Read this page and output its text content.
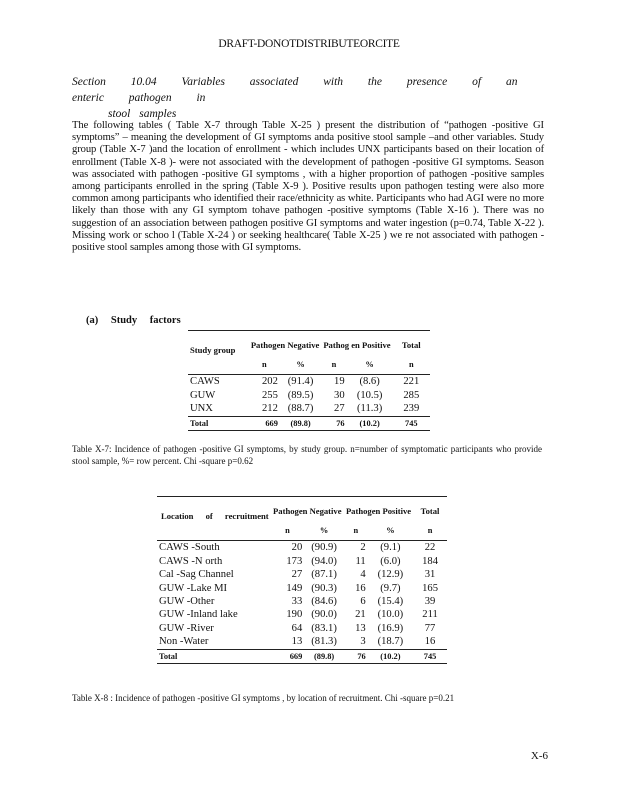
DRAFT-DONOTDISTRIBUTEORCITE
Section 10.04 Variables associated with the presence of an enteric pathogen in
stool samples

The following tables ( Table X-7 through Table X-25 ) present the distribution of “pathogen -positive GI symptoms” – meaning the development of GI symptoms anda positive stool sample –and other variables. Study group (Table X-7 )and the location of enrollment - which includes UNX participants based on their location of enrollment (Table X-8 )- were not associated with the development of pathogen -positive GI symptoms. Season was associated with pathogen -positive GI symptoms , with a higher proportion of pathogen -positive samples among participants enrolled in the spring (Table X-9 ). Positive results upon pathogen testing were also more common among participants who identified their race/ethnicity as white. Participants who had AGI were no more likely than those with any GI symptom tohave pathogen -positive symptoms (Table X-16 ). There was no suggestion of an association between pathogen positive GI symptoms and water ingestion (p=0.74, Table X-22 ). Missing work or schoo l (Table X-24 ) or seeking healthcare( Table X-25 ) we re not associated with pathogen -positive stool samples among those with GI symptoms.

(a) Study factors
Study group	Pathogen Negative		Pathog en Positive		Total
	n	%	n	%	n
CAWS	202	(91.4)	19	(8.6)	221
GUW	255	(89.5)	30	(10.5)	285
UNX	212	(88.7)	27	(11.3)	239
Total	669	(89.8)	76	(10.2)	745

Table X-7: Incidence of pathogen -positive GI symptoms, by study group. n=number of symptomatic participants who provide stool sample, %= row percent. Chi -square p=0.62

Location of recruitment	Pathogen Negative		Pathogen Positive		Total
	n	%	n	%	n
CAWS -South	20	(90.9)	2	(9.1)	22
CAWS -N orth	173	(94.0)	11	(6.0)	184
Cal -Sag Channel	27	(87.1)	4	(12.9)	31
GUW -Lake MI	149	(90.3)	16	(9.7)	165
GUW -Other	33	(84.6)	6	(15.4)	39
GUW -Inland lake	190	(90.0)	21	(10.0)	211
GUW -River	64	(83.1)	13	(16.9)	77
Non -Water	13	(81.3)	3	(18.7)	16
Total	669	(89.8)	76	(10.2)	745

Table X-8 : Incidence of pathogen -positive GI symptoms , by location of recruitment. Chi -square p=0.21

X-6
